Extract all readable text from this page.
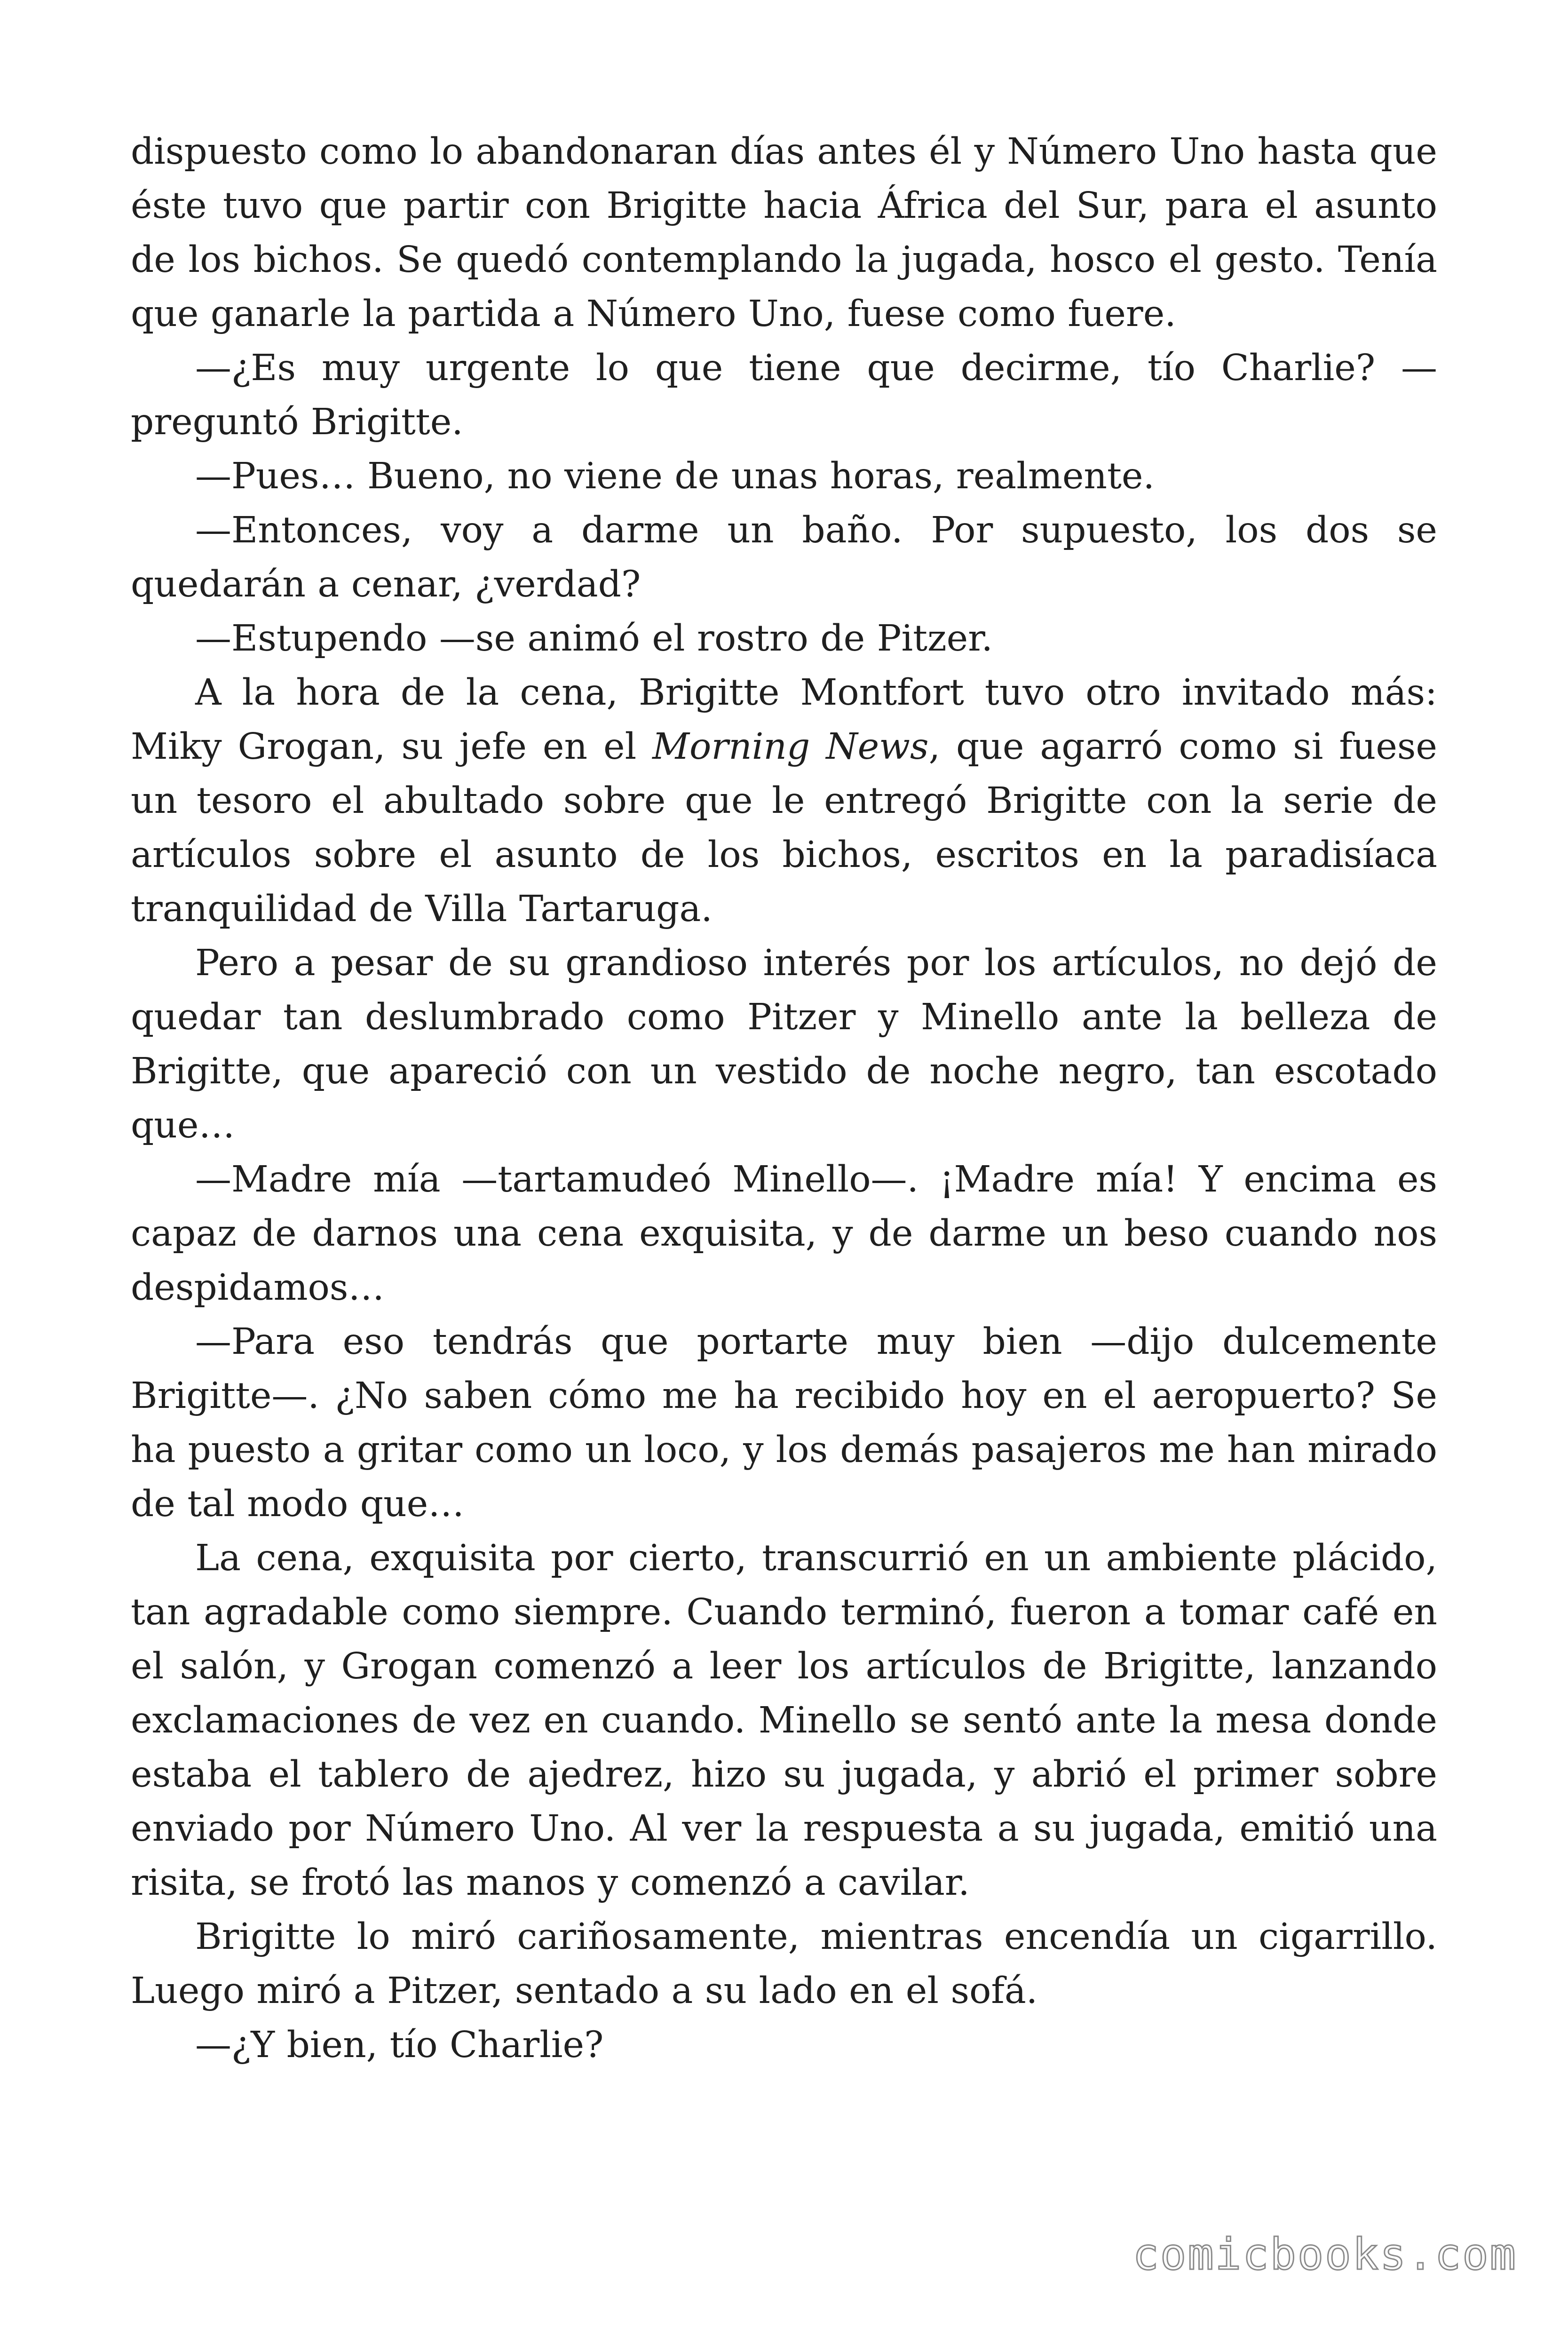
dispuesto como lo abandonaran días antes él y Número Uno hasta que éste tuvo que partir con Brigitte hacia África del Sur, para el asunto de los bichos. Se quedó contemplando la jugada, hosco el gesto. Tenía que ganarle la partida a Número Uno, fuese como fuere.

—¿Es muy urgente lo que tiene que decirme, tío Charlie? —preguntó Brigitte.

—Pues… Bueno, no viene de unas horas, realmente.

—Entonces, voy a darme un baño. Por supuesto, los dos se quedarán a cenar, ¿verdad?

—Estupendo —se animó el rostro de Pitzer.

A la hora de la cena, Brigitte Montfort tuvo otro invitado más: Miky Grogan, su jefe en el Morning News, que agarró como si fuese un tesoro el abultado sobre que le entregó Brigitte con la serie de artículos sobre el asunto de los bichos, escritos en la paradisíaca tranquilidad de Villa Tartaruga.

Pero a pesar de su grandioso interés por los artículos, no dejó de quedar tan deslumbrado como Pitzer y Minello ante la belleza de Brigitte, que apareció con un vestido de noche negro, tan escotado que…

—Madre mía —tartamudeó Minello—. ¡Madre mía! Y encima es capaz de darnos una cena exquisita, y de darme un beso cuando nos despidamos…

—Para eso tendrás que portarte muy bien —dijo dulcemente Brigitte—. ¿No saben cómo me ha recibido hoy en el aeropuerto? Se ha puesto a gritar como un loco, y los demás pasajeros me han mirado de tal modo que…

La cena, exquisita por cierto, transcurrió en un ambiente plácido, tan agradable como siempre. Cuando terminó, fueron a tomar café en el salón, y Grogan comenzó a leer los artículos de Brigitte, lanzando exclamaciones de vez en cuando. Minello se sentó ante la mesa donde estaba el tablero de ajedrez, hizo su jugada, y abrió el primer sobre enviado por Número Uno. Al ver la respuesta a su jugada, emitió una risita, se frotó las manos y comenzó a cavilar.

Brigitte lo miró cariñosamente, mientras encendía un cigarrillo. Luego miró a Pitzer, sentado a su lado en el sofá.

—¿Y bien, tío Charlie?

comicbooks.com
